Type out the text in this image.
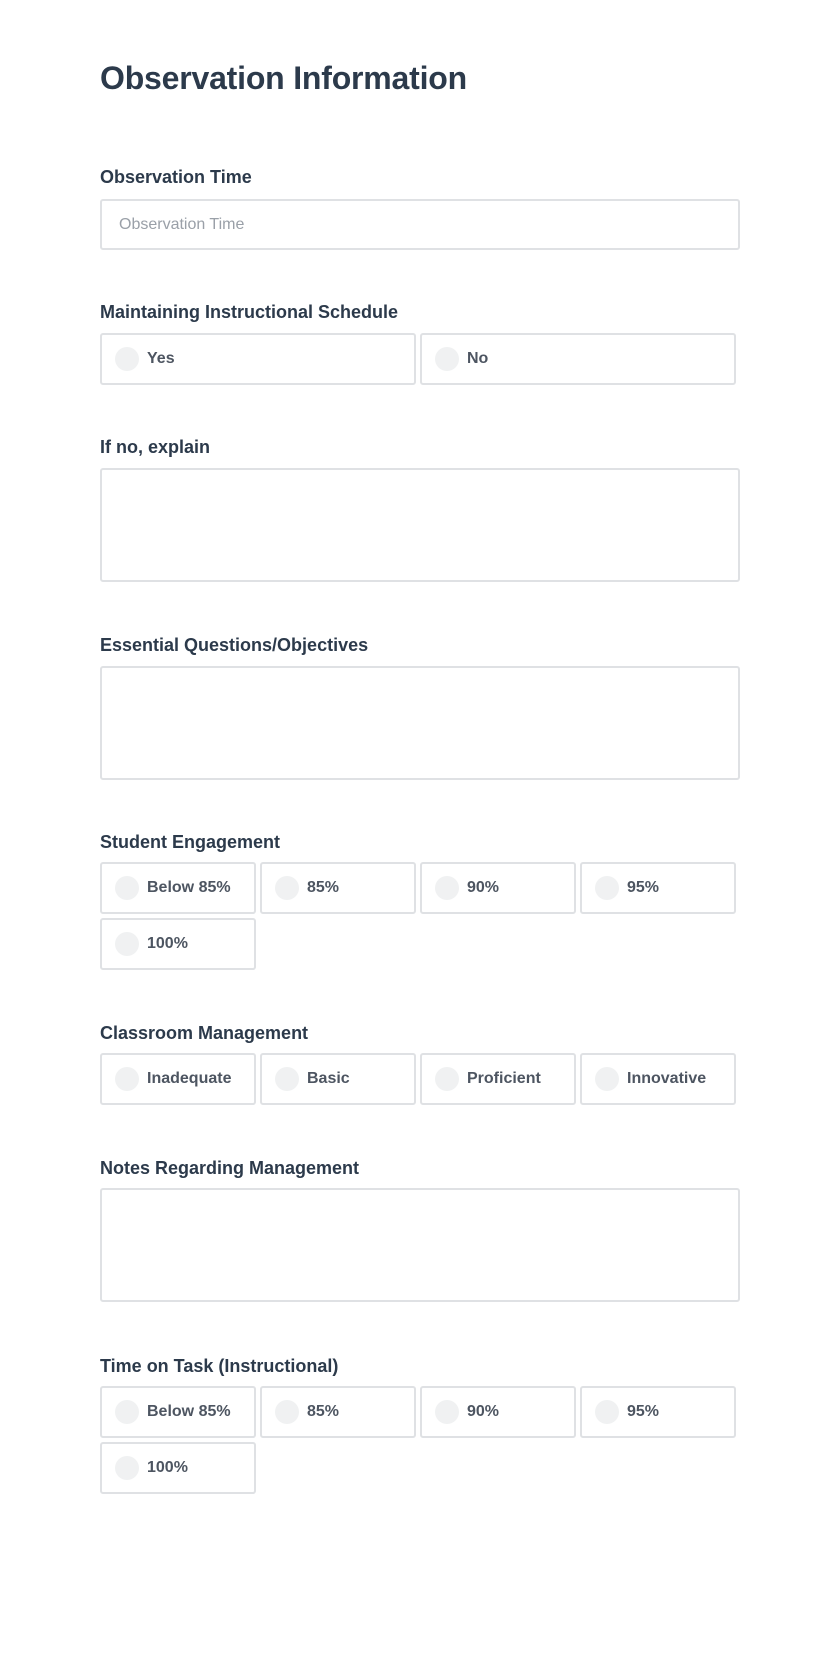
Observation Information
Observation Time
Observation Time
Maintaining Instructional Schedule
Yes	No
If no, explain
Essential Questions/Objectives
Student Engagement
Below 85%	85%	90%	95%
100%
Classroom Management
Inadequate	Basic	Proficient	Innovative
Notes Regarding Management
Time on Task (Instructional)
Below 85%	85%	90%	95%
100%
